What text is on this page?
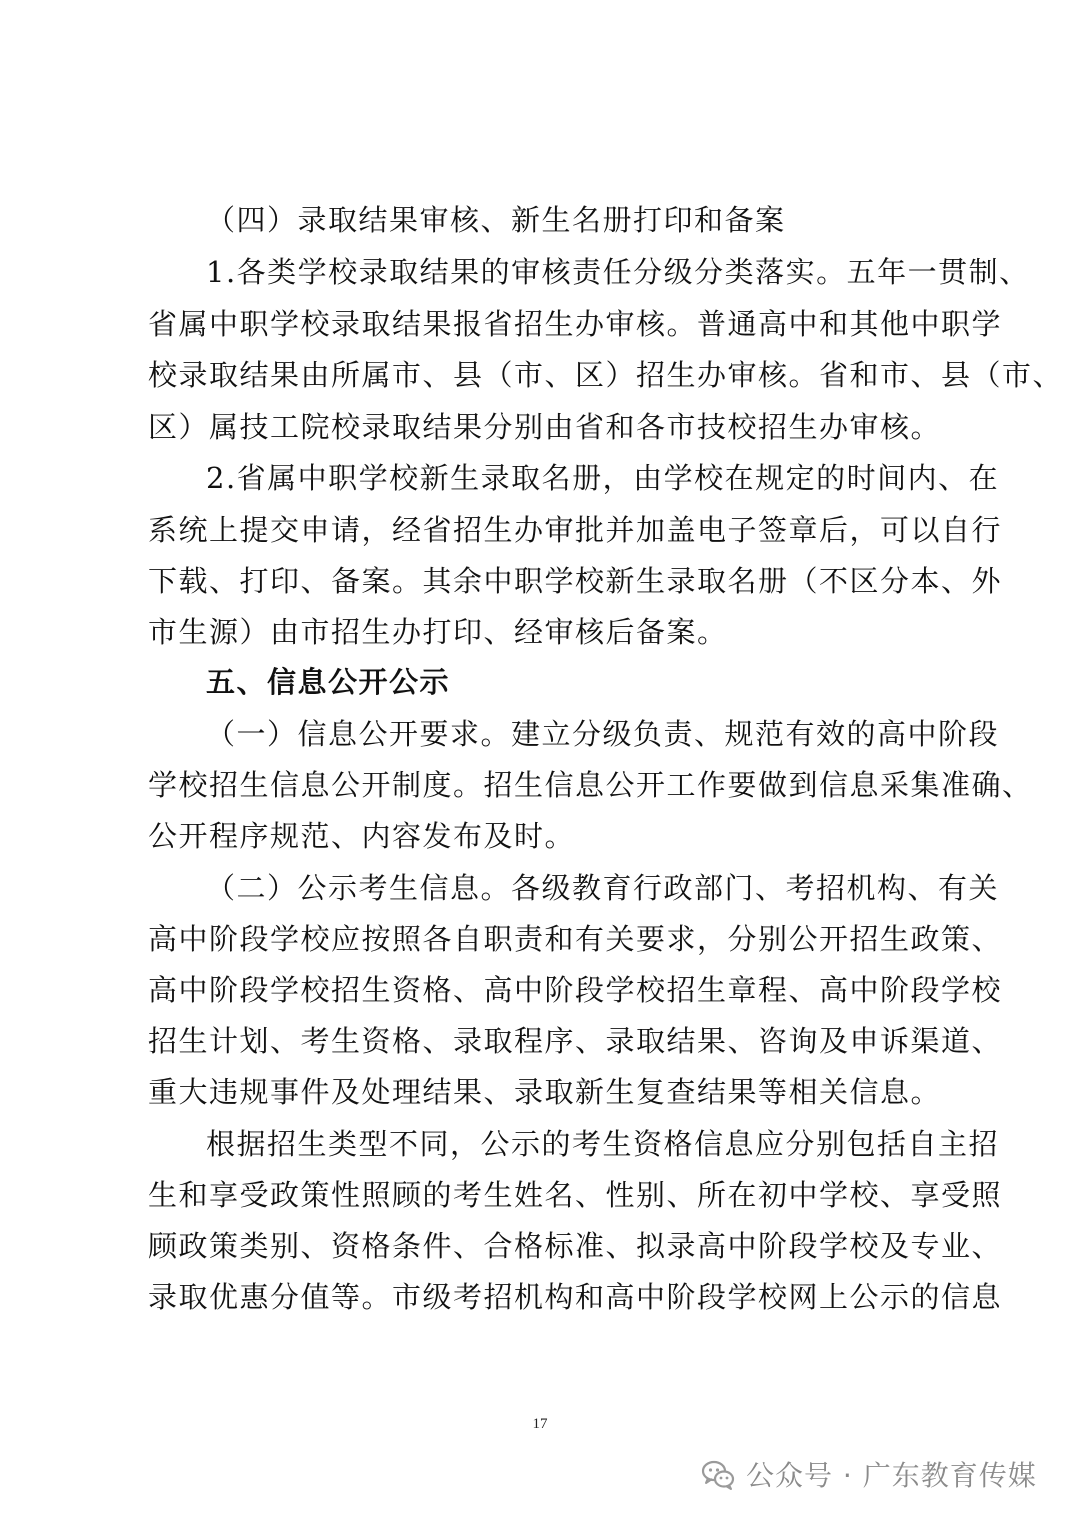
（四）录取结果审核、新生名册打印和备案
1.各类学校录取结果的审核责任分级分类落实。五年一贯制、
省属中职学校录取结果报省招生办审核。普通高中和其他中职学
校录取结果由所属市、县（市、区）招生办审核。省和市、县（市、
区）属技工院校录取结果分别由省和各市技校招生办审核。
2.省属中职学校新生录取名册，由学校在规定的时间内、在
系统上提交申请，经省招生办审批并加盖电子签章后，可以自行
下载、打印、备案。其余中职学校新生录取名册（不区分本、外
市生源）由市招生办打印、经审核后备案。
五、信息公开公示
（一）信息公开要求。建立分级负责、规范有效的高中阶段
学校招生信息公开制度。招生信息公开工作要做到信息采集准确、
公开程序规范、内容发布及时。
（二）公示考生信息。各级教育行政部门、考招机构、有关
高中阶段学校应按照各自职责和有关要求，分别公开招生政策、
高中阶段学校招生资格、高中阶段学校招生章程、高中阶段学校
招生计划、考生资格、录取程序、录取结果、咨询及申诉渠道、
重大违规事件及处理结果、录取新生复查结果等相关信息。
根据招生类型不同，公示的考生资格信息应分别包括自主招
生和享受政策性照顾的考生姓名、性别、所在初中学校、享受照
顾政策类别、资格条件、合格标准、拟录高中阶段学校及专业、
录取优惠分值等。市级考招机构和高中阶段学校网上公示的信息
17
公众号 · 广东教育传媒
